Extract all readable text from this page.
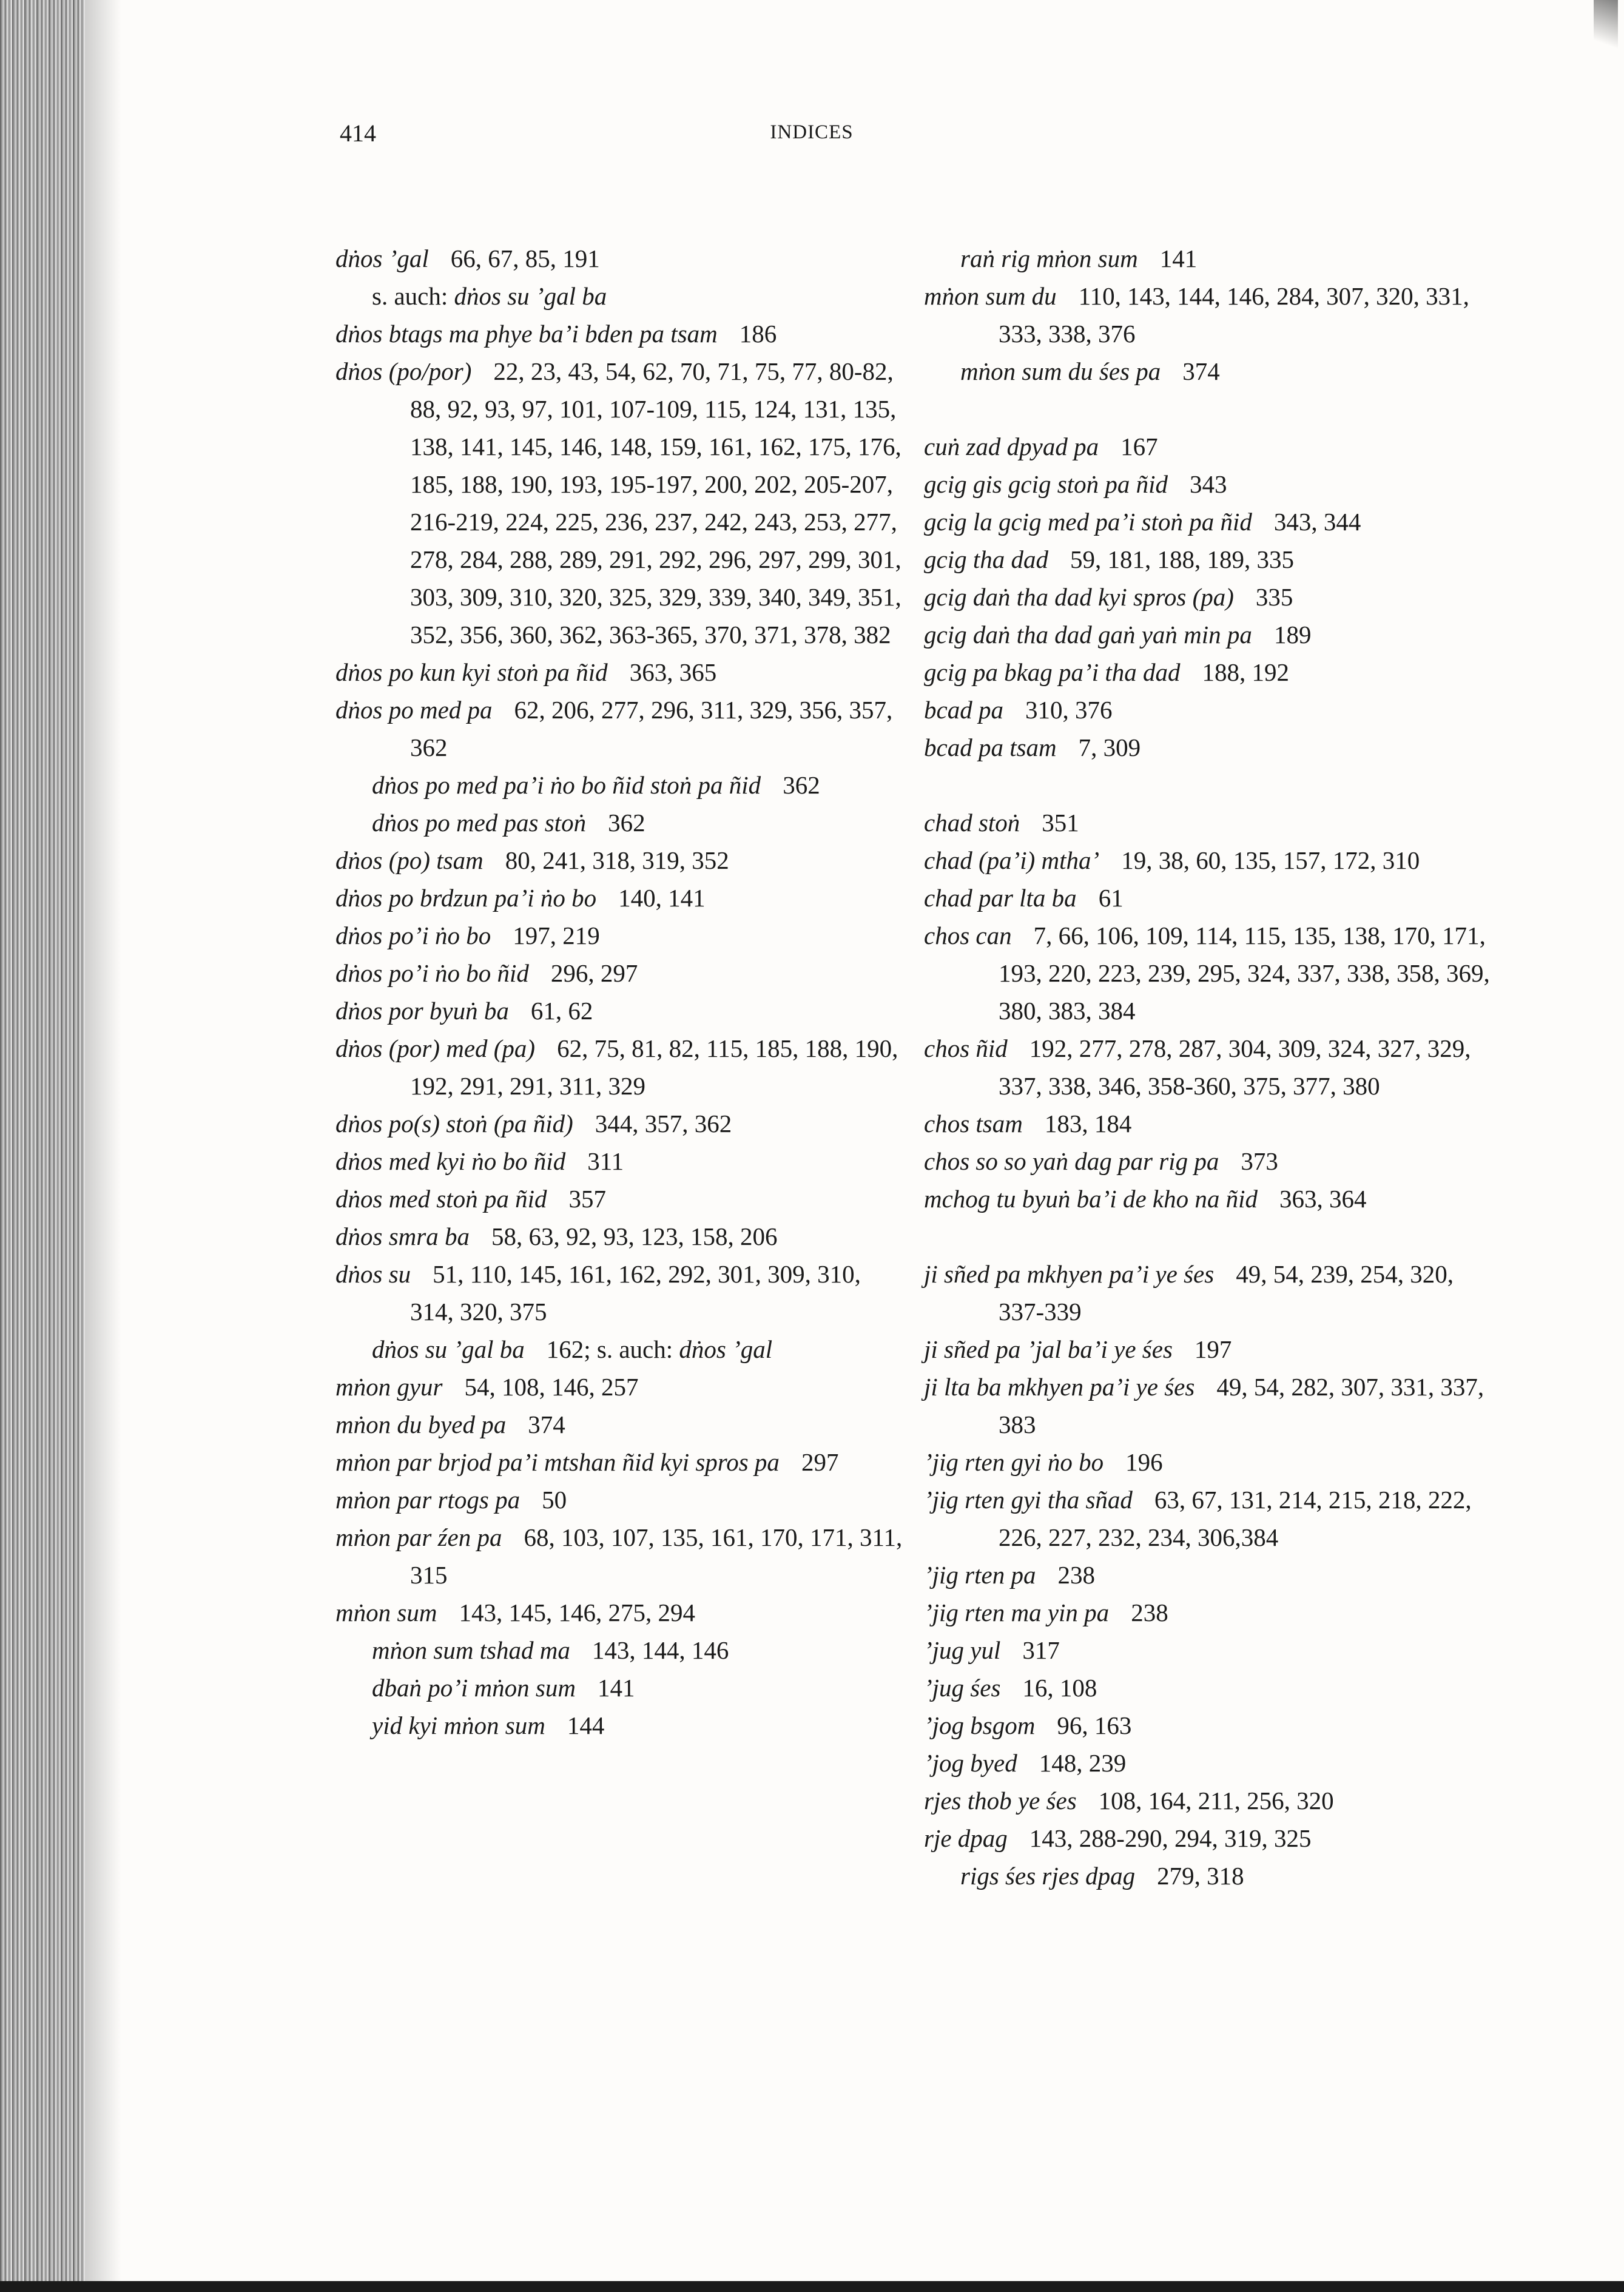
414	INDICES
dṅos ’gal 66, 67, 85, 191
s. auch: dṅos su ’gal ba
dṅos btags ma phye ba’i bden pa tsam 186
dṅos (po/por) 22, 23, 43, 54, 62, 70, 71, 75, 77, 80-82, 88, 92, 93, 97, 101, 107-109, 115, 124, 131, 135, 138, 141, 145, 146, 148, 159, 161, 162, 175, 176, 185, 188, 190, 193, 195-197, 200, 202, 205-207, 216-219, 224, 225, 236, 237, 242, 243, 253, 277, 278, 284, 288, 289, 291, 292, 296, 297, 299, 301, 303, 309, 310, 320, 325, 329, 339, 340, 349, 351, 352, 356, 360, 362, 363-365, 370, 371, 378, 382
dṅos po kun kyi stoṅ pa ñid 363, 365
dṅos po med pa 62, 206, 277, 296, 311, 329, 356, 357, 362
dṅos po med pa’i ṅo bo ñid stoṅ pa ñid 362
dṅos po med pas stoṅ 362
dṅos (po) tsam 80, 241, 318, 319, 352
dṅos po brdzun pa’i ṅo bo 140, 141
dṅos po’i ṅo bo 197, 219
dṅos po’i ṅo bo ñid 296, 297
dṅos por byuṅ ba 61, 62
dṅos (por) med (pa) 62, 75, 81, 82, 115, 185, 188, 190, 192, 291, 291, 311, 329
dṅos po(s) stoṅ (pa ñid) 344, 357, 362
dṅos med kyi ṅo bo ñid 311
dṅos med stoṅ pa ñid 357
dṅos smra ba 58, 63, 92, 93, 123, 158, 206
dṅos su 51, 110, 145, 161, 162, 292, 301, 309, 310, 314, 320, 375
dṅos su ’gal ba 162; s. auch: dṅos ’gal
mṅon gyur 54, 108, 146, 257
mṅon du byed pa 374
mṅon par brjod pa’i mtshan ñid kyi spros pa 297
mṅon par rtogs pa 50
mṅon par źen pa 68, 103, 107, 135, 161, 170, 171, 311, 315
mṅon sum 143, 145, 146, 275, 294
mṅon sum tshad ma 143, 144, 146
dbaṅ po’i mṅon sum 141
yid kyi mṅon sum 144
raṅ rig mṅon sum 141
mṅon sum du 110, 143, 144, 146, 284, 307, 320, 331, 333, 338, 376
mṅon sum du śes pa 374
cuṅ zad dpyad pa 167
gcig gis gcig stoṅ pa ñid 343
gcig la gcig med pa’i stoṅ pa ñid 343, 344
gcig tha dad 59, 181, 188, 189, 335
gcig daṅ tha dad kyi spros (pa) 335
gcig daṅ tha dad gaṅ yaṅ min pa 189
gcig pa bkag pa’i tha dad 188, 192
bcad pa 310, 376
bcad pa tsam 7, 309
chad stoṅ 351
chad (pa’i) mtha’ 19, 38, 60, 135, 157, 172, 310
chad par lta ba 61
chos can 7, 66, 106, 109, 114, 115, 135, 138, 170, 171, 193, 220, 223, 239, 295, 324, 337, 338, 358, 369, 380, 383, 384
chos ñid 192, 277, 278, 287, 304, 309, 324, 327, 329, 337, 338, 346, 358-360, 375, 377, 380
chos tsam 183, 184
chos so so yaṅ dag par rig pa 373
mchog tu byuṅ ba’i de kho na ñid 363, 364
ji sñed pa mkhyen pa’i ye śes 49, 54, 239, 254, 320, 337-339
ji sñed pa ’jal ba’i ye śes 197
ji lta ba mkhyen pa’i ye śes 49, 54, 282, 307, 331, 337, 383
’jig rten gyi ṅo bo 196
’jig rten gyi tha sñad 63, 67, 131, 214, 215, 218, 222, 226, 227, 232, 234, 306,384
’jig rten pa 238
’jig rten ma yin pa 238
’jug yul 317
’jug śes 16, 108
’jog bsgom 96, 163
’jog byed 148, 239
rjes thob ye śes 108, 164, 211, 256, 320
rje dpag 143, 288-290, 294, 319, 325
rigs śes rjes dpag 279, 318
